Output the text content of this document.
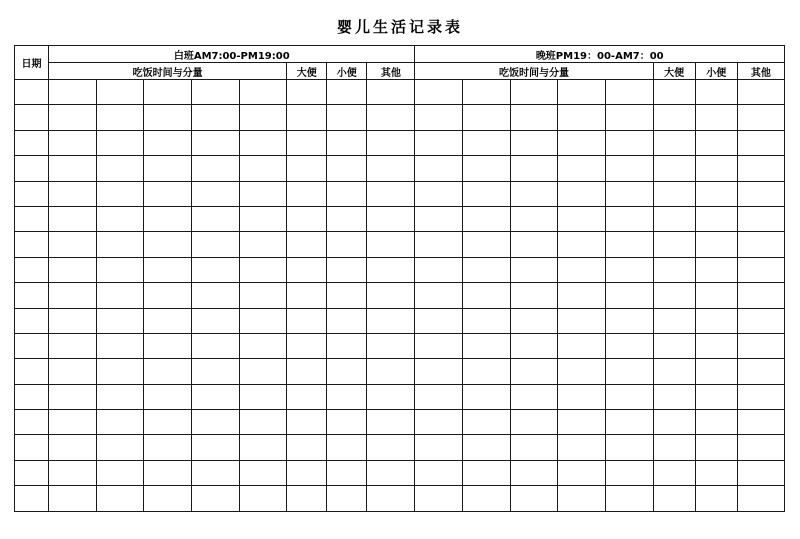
婴儿生活记录表
日期	白班AM7:00-PM19:00								晚班PM19：00-AM7：00							
	吃饭时间与分量					大便	小便	其他	吃饭时间与分量					大便	小便	其他
